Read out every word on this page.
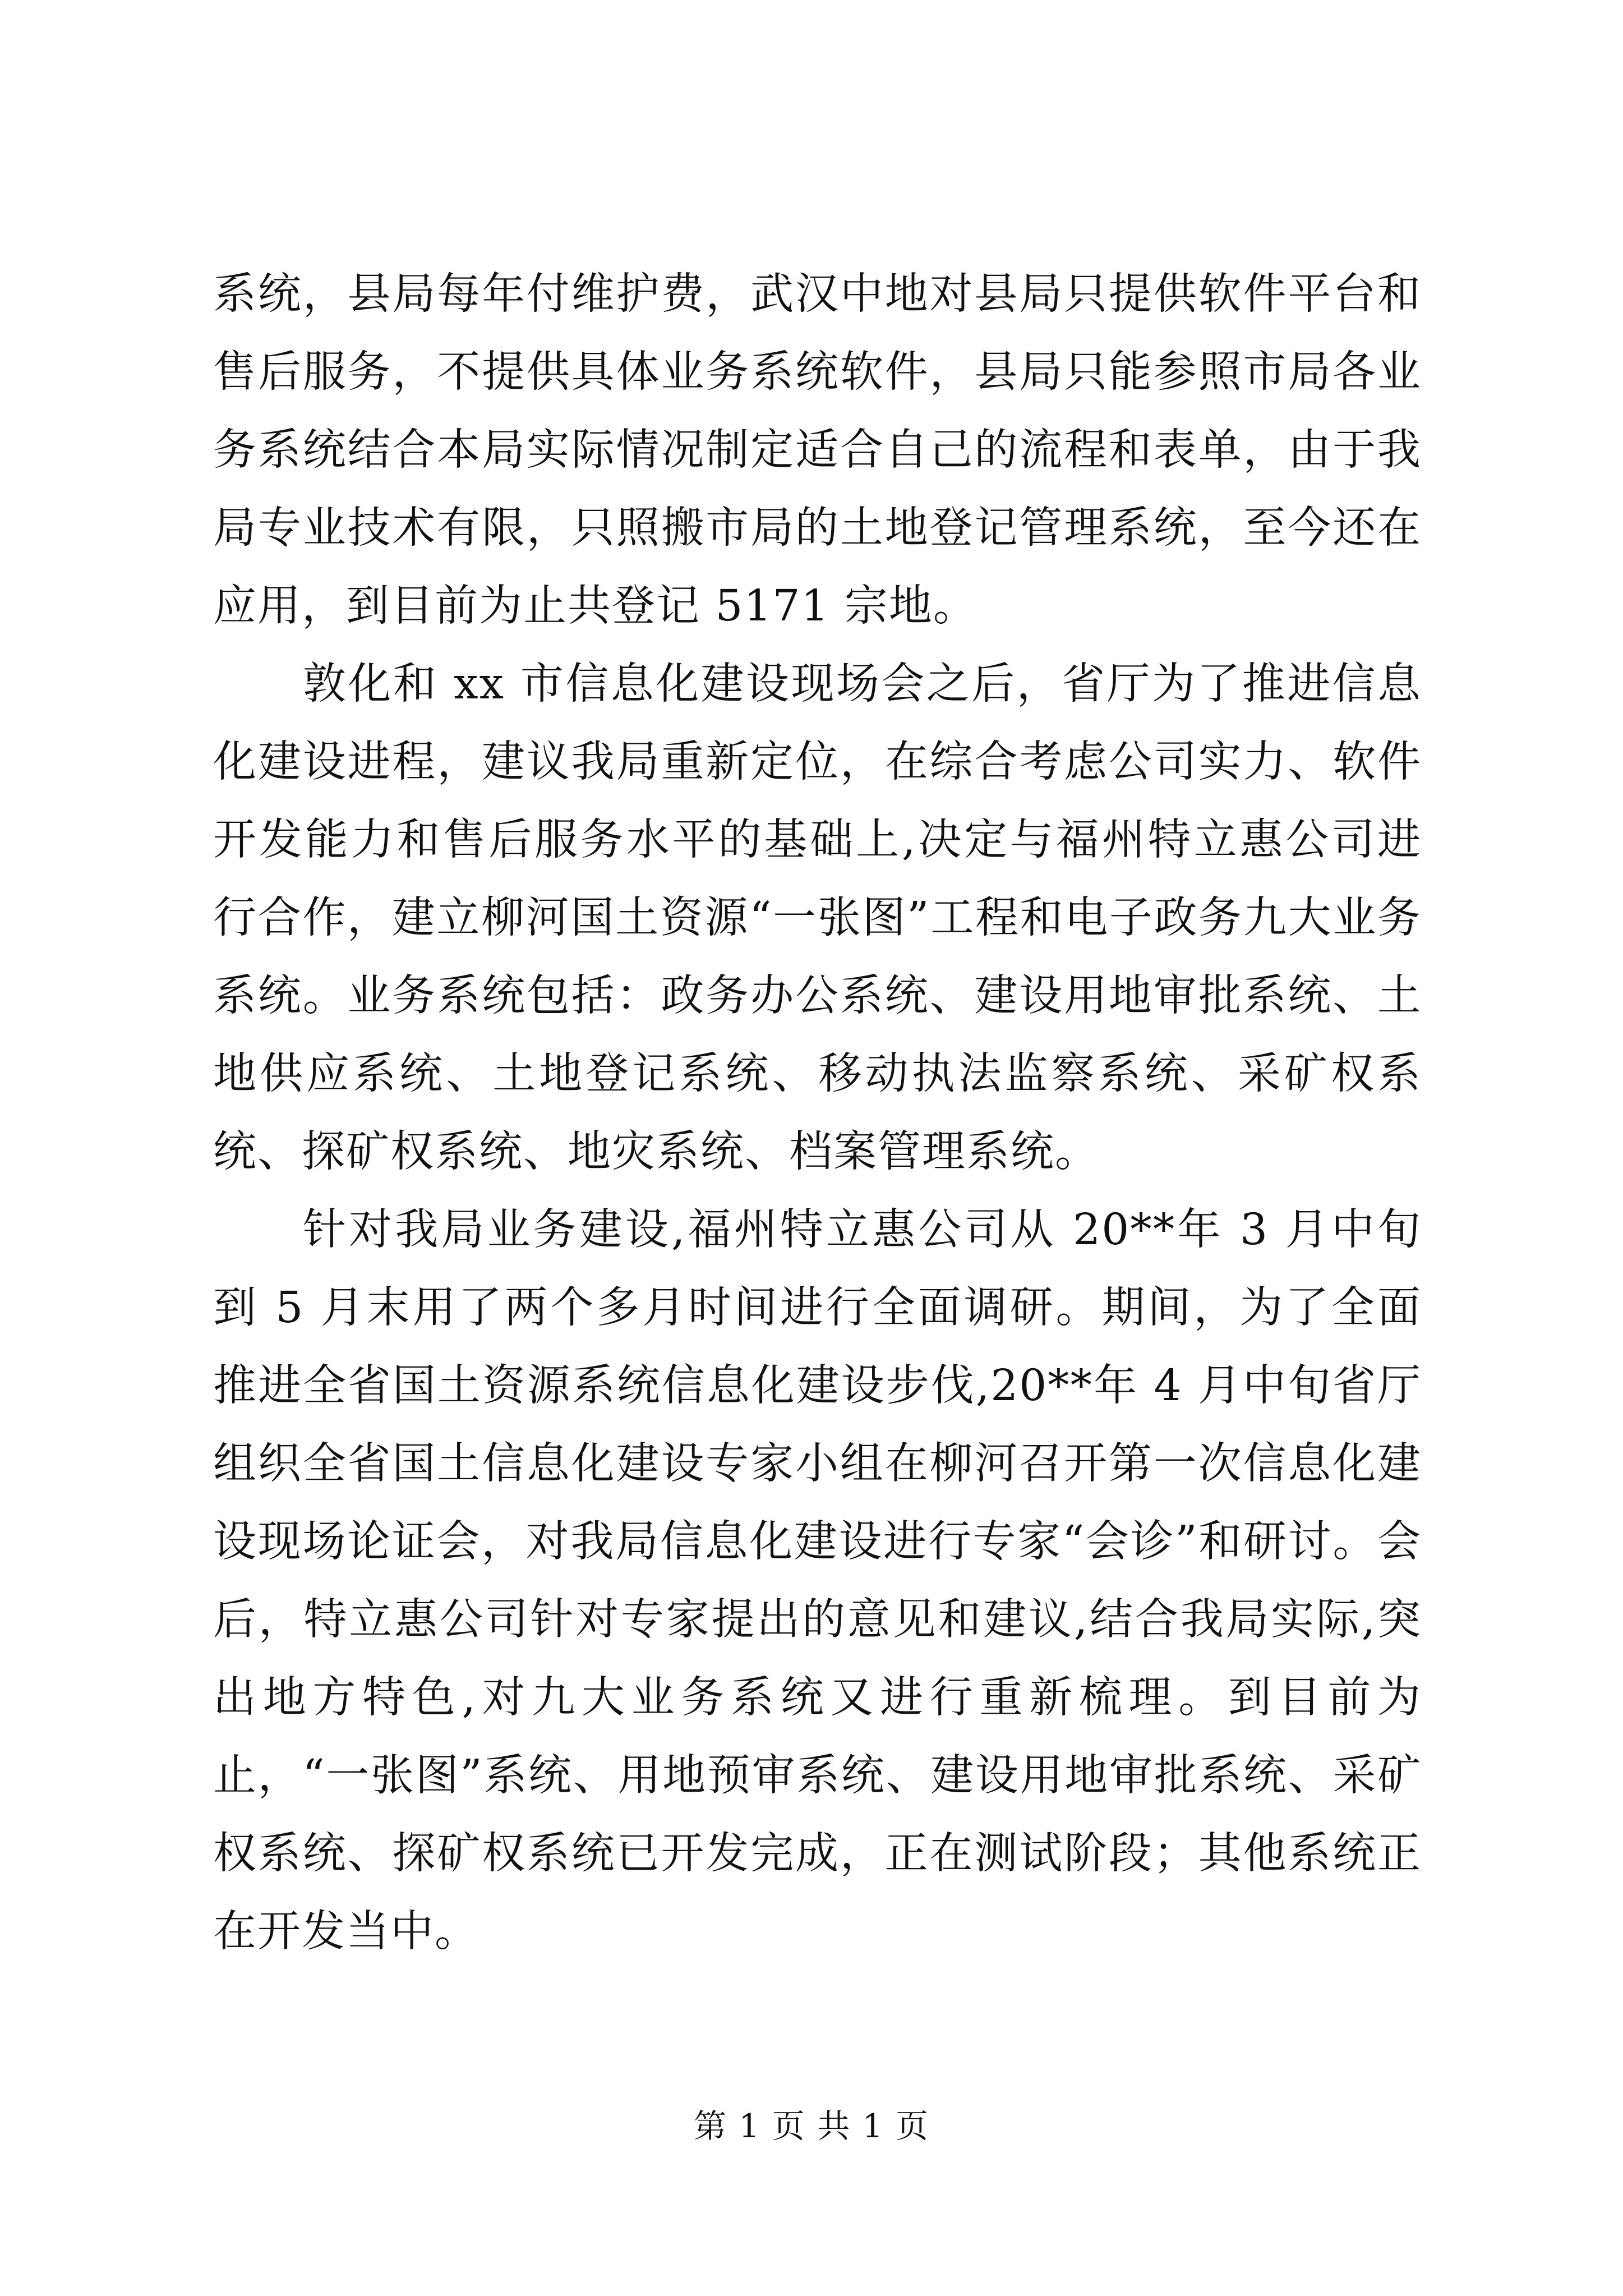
系统，县局每年付维护费，武汉中地对县局只提供软件平台和售后服务，不提供具体业务系统软件，县局只能参照市局各业务系统结合本局实际情况制定适合自己的流程和表单，由于我局专业技术有限，只照搬市局的土地登记管理系统，至今还在应用，到目前为止共登记 5171 宗地。

敦化和 xx 市信息化建设现场会之后，省厅为了推进信息化建设进程，建议我局重新定位，在综合考虑公司实力、软件开发能力和售后服务水平的基础上,决定与福州特立惠公司进行合作，建立柳河国土资源“一张图”工程和电子政务九大业务系统。业务系统包括：政务办公系统、建设用地审批系统、土地供应系统、土地登记系统、移动执法监察系统、采矿权系统、探矿权系统、地灾系统、档案管理系统。

针对我局业务建设,福州特立惠公司从 20**年 3 月中旬到 5 月末用了两个多月时间进行全面调研。期间，为了全面推进全省国土资源系统信息化建设步伐,20**年 4 月中旬省厅组织全省国土信息化建设专家小组在柳河召开第一次信息化建设现场论证会，对我局信息化建设进行专家“会诊”和研讨。会后，特立惠公司针对专家提出的意见和建议,结合我局实际,突出地方特色,对九大业务系统又进行重新梳理。到目前为止，“一张图”系统、用地预审系统、建设用地审批系统、采矿权系统、探矿权系统已开发完成，正在测试阶段；其他系统正在开发当中。

第 1 页 共 1 页
